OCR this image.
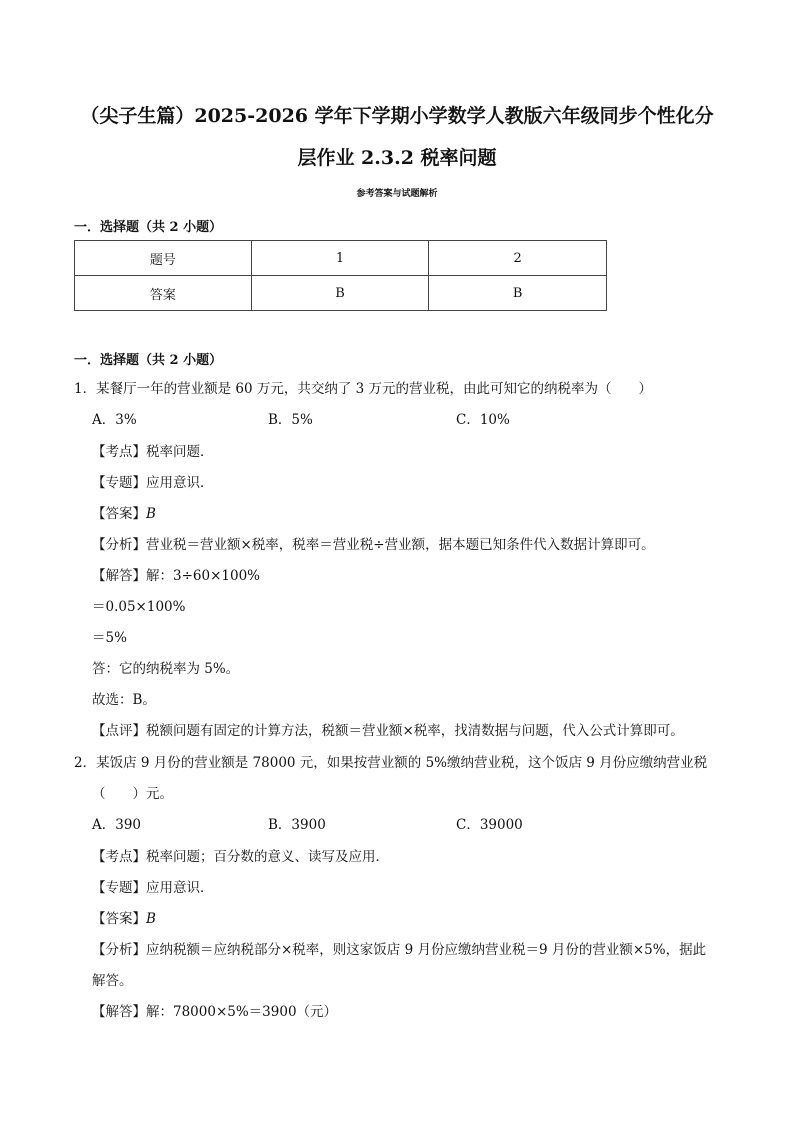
（尖子生篇）2025-2026 学年下学期小学数学人教版六年级同步个性化分
层作业 2.3.2 税率问题
参考答案与试题解析
一．选择题（共 2 小题）
题号	1	2
答案	B	B
一．选择题（共 2 小题）
1．某餐厅一年的营业额是 60 万元，共交纳了 3 万元的营业税，由此可知它的纳税率为（　　）
A．3%	B．5%	C．10%
【考点】税率问题．
【专题】应用意识．
【答案】B
【分析】营业税＝营业额×税率，税率＝营业税÷营业额，据本题已知条件代入数据计算即可。
【解答】解：3÷60×100%
＝0.05×100%
＝5%
答：它的纳税率为 5%。
故选：B。
【点评】税额问题有固定的计算方法，税额＝营业额×税率，找清数据与问题，代入公式计算即可。
2．某饭店 9 月份的营业额是 78000 元，如果按营业额的 5%缴纳营业税，这个饭店 9 月份应缴纳营业税
（　　）元。
A．390	B．3900	C．39000
【考点】税率问题；百分数的意义、读写及应用．
【专题】应用意识．
【答案】B
【分析】应纳税额＝应纳税部分×税率，则这家饭店 9 月份应缴纳营业税＝9 月份的营业额×5%，据此
解答。
【解答】解：78000×5%＝3900（元）
